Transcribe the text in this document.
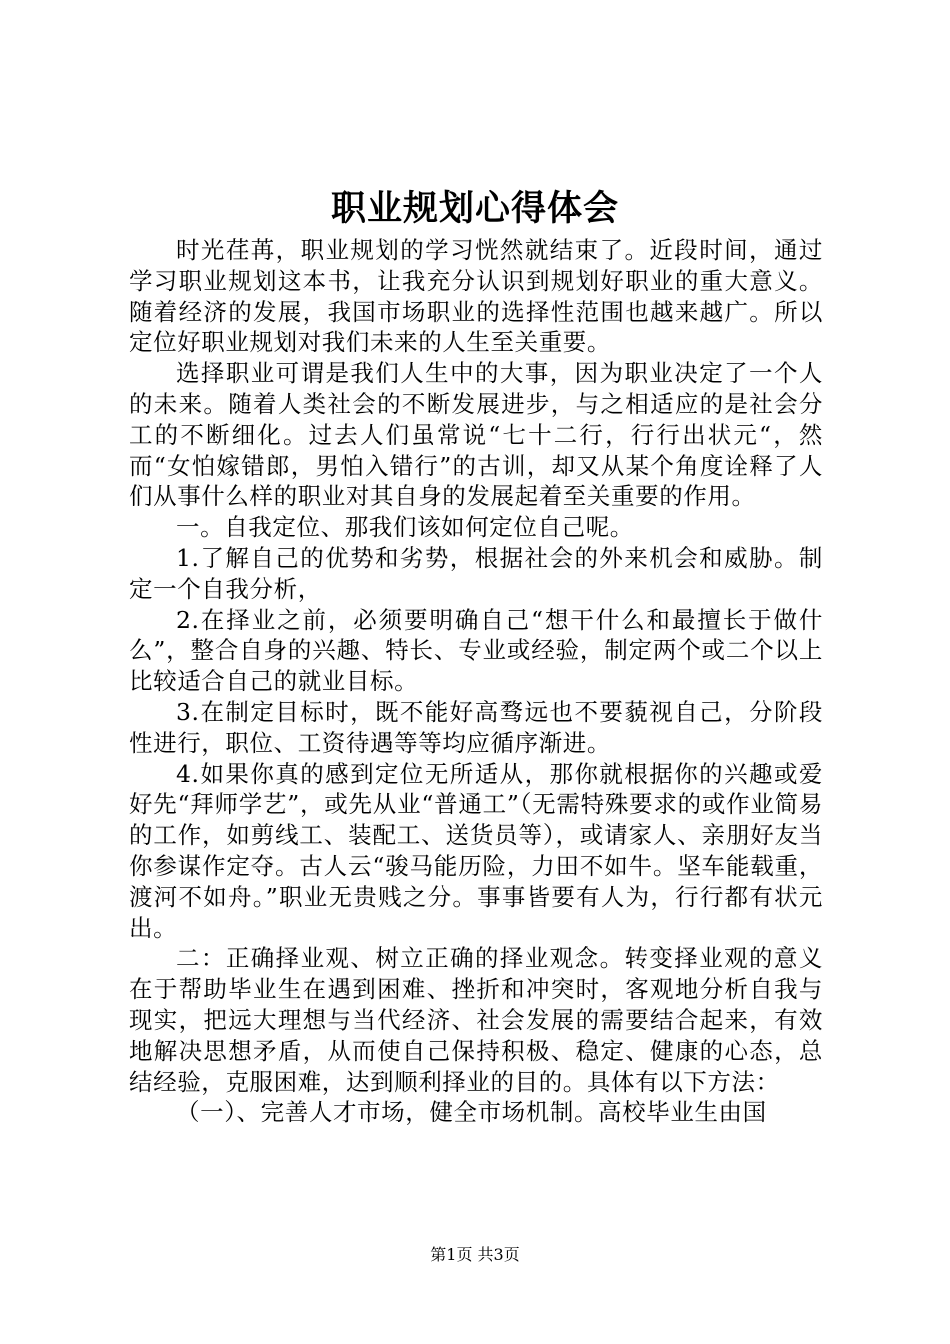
职业规划心得体会

时光荏苒，职业规划的学习恍然就结束了。近段时间，通过学习职业规划这本书，让我充分认识到规划好职业的重大意义。随着经济的发展，我国市场职业的选择性范围也越来越广。所以定位好职业规划对我们未来的人生至关重要。

选择职业可谓是我们人生中的大事，因为职业决定了一个人的未来。随着人类社会的不断发展进步，与之相适应的是社会分工的不断细化。过去人们虽常说“七十二行，行行出状元“，然而“女怕嫁错郎，男怕入错行”的古训，却又从某个角度诠释了人们从事什么样的职业对其自身的发展起着至关重要的作用。

一。自我定位、那我们该如何定位自己呢。

1.了解自己的优势和劣势，根据社会的外来机会和威胁。制定一个自我分析，

2.在择业之前，必须要明确自己“想干什么和最擅长于做什么”，整合自身的兴趣、特长、专业或经验，制定两个或二个以上比较适合自己的就业目标。

3.在制定目标时，既不能好高骛远也不要藐视自己，分阶段性进行，职位、工资待遇等等均应循序渐进。

4.如果你真的感到定位无所适从，那你就根据你的兴趣或爱好先“拜师学艺”，或先从业“普通工”（无需特殊要求的或作业简易的工作，如剪线工、装配工、送货员等），或请家人、亲朋好友当你参谋作定夺。古人云“骏马能历险，力田不如牛。坚车能载重，渡河不如舟。”职业无贵贱之分。事事皆要有人为，行行都有状元出。

二：正确择业观、树立正确的择业观念。转变择业观的意义在于帮助毕业生在遇到困难、挫折和冲突时，客观地分析自我与现实，把远大理想与当代经济、社会发展的需要结合起来，有效地解决思想矛盾，从而使自己保持积极、稳定、健康的心态，总结经验，克服困难，达到顺利择业的目的。具体有以下方法：

（一）、完善人才市场，健全市场机制。高校毕业生由国

第1页 共3页
